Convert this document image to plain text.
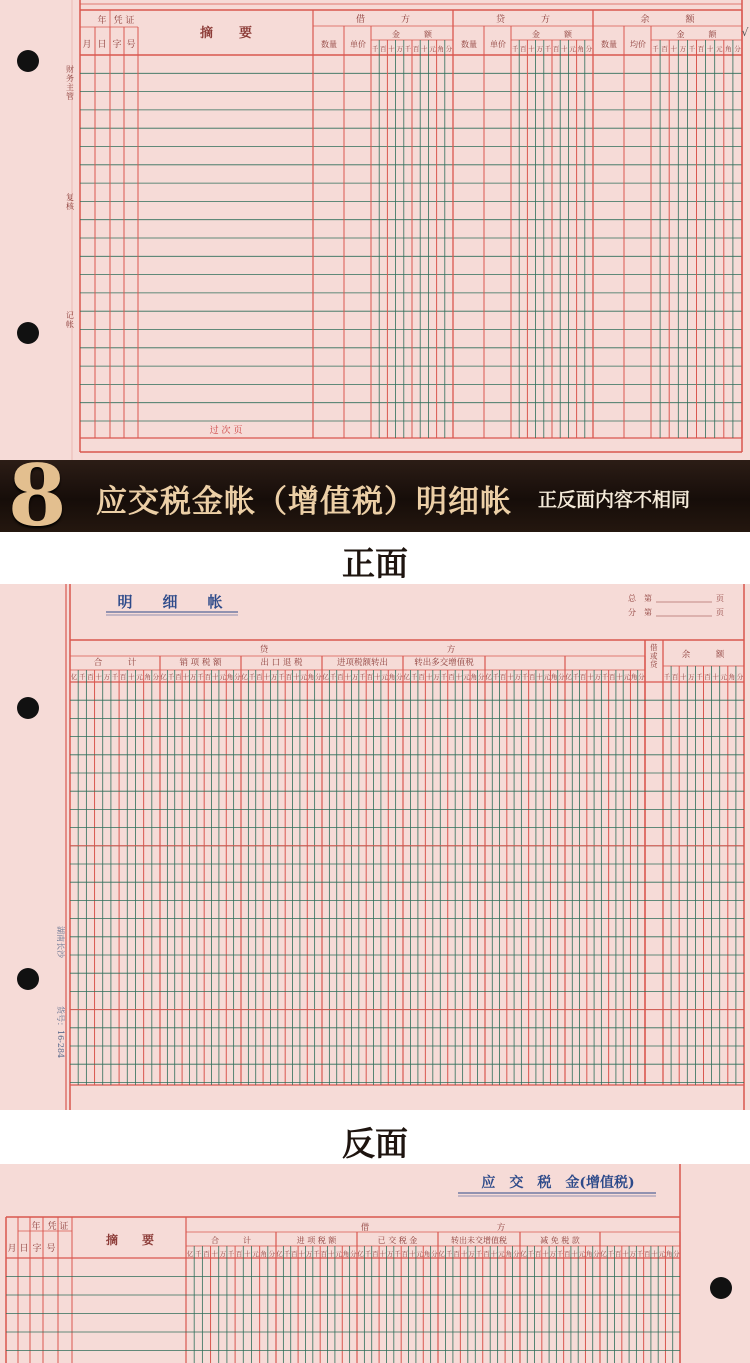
年 凭 证
月 日 字 号
摘　　要
借　　　　方
数量 单价
金　　　额
千 百 十 万 千 百 十 元 角 分
贷　　　　方
数量 单价
金　　　额
千 百 十 万 千 百 十 元 角 分
余　　　　额
数量 均价
金　　　额
千 百 十 万 千 百 十 元 角 分
√
财
务
主
管
复
核
记
帐
过 次 页
8 应交税金帐（增值税）明细帐 正反面内容不相同
正面
明　　细　　帐	总　第	页
分　第	页
贷　　　　　　　　　　　　　　　　　　　　　方
合　　　计	销 项 税 额	出 口 退 税	进项税额转出	转出多交增值税
借
或
贷
余　　　额
亿 千 百 十 万 千 百 十 元 角 分 亿 千 百 十 万 千 百 十 元 角 分 亿 千 百 十 万 千 百 十 元 角 分 亿 千 百 十 万 千 百 十 元 角 分 亿 千 百 十 万 千 百 十 元 角 分 亿 千 百 十 万 千 百 十 元 角 分 亿 千 百 十 万 千 百 十 元 角 分	千 百 十 万 千 百 十 元 角 分
湖南长沙
货号：16-284
反面
应　交　税　金(增值税)
年 凭 证
月 日 字 号
摘　　要
借　　　　　　　　　　　　　　　方
合　　　计	进 项 税 额	已 交 税 金	转出未交增值税	减 免 税 款
亿 千 百 十 万 千 百 十 元 角 分 亿 千 百 十 万 千 百 十 元 角 分 亿 千 百 十 万 千 百 十 元 角 分 亿 千 百 十 万 千 百 十 元 角 分 亿 千 百 十 万 千 百 十 元 角 分 亿 千 百 十 万 千 百 十 元 角 分
